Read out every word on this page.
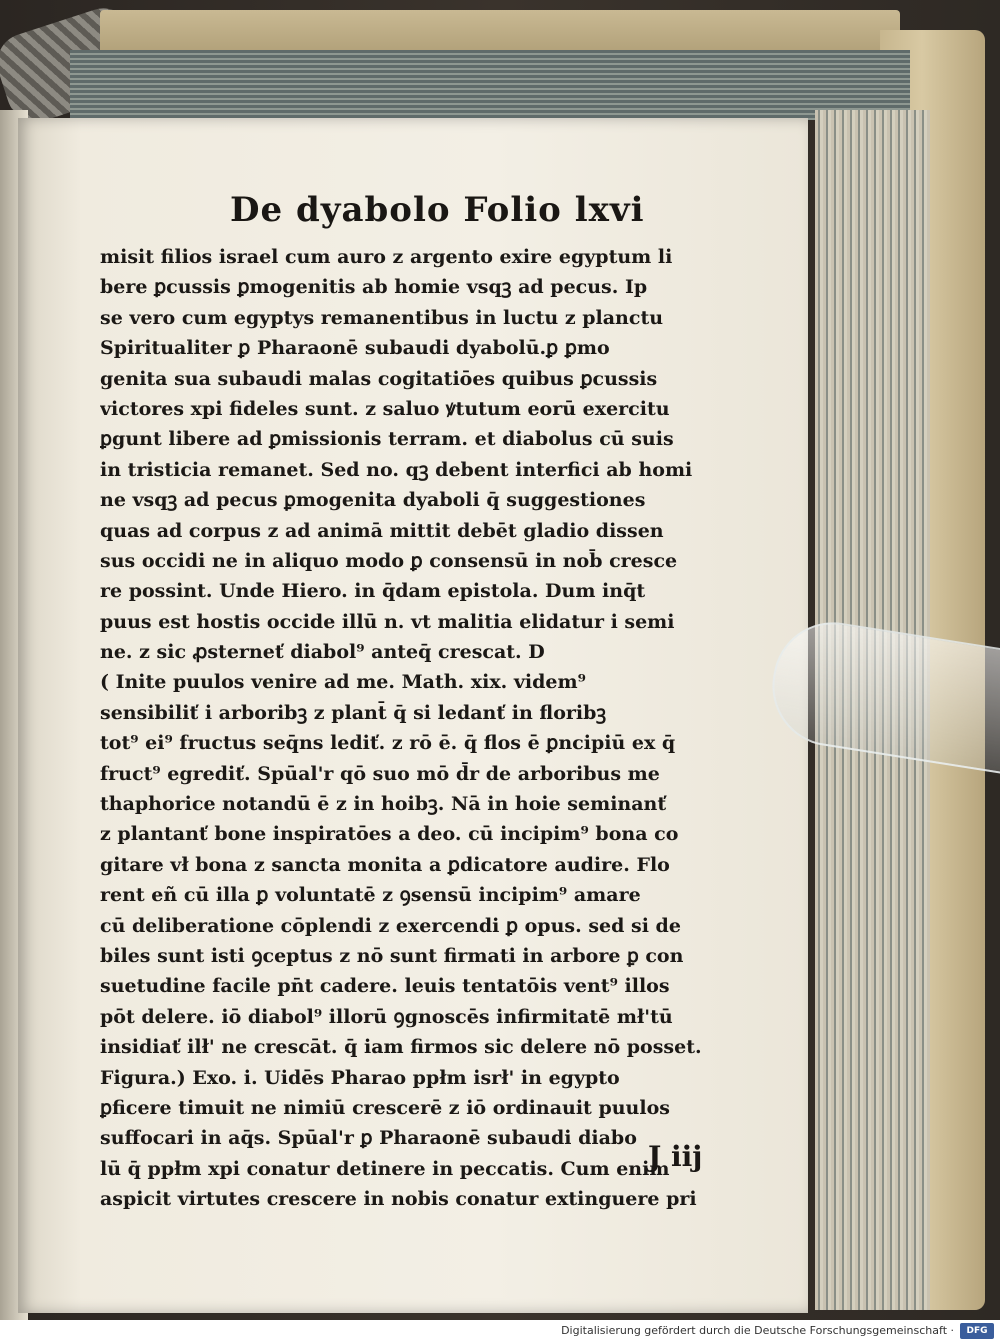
De dyabolo Folio lxvi
misit filios israel cum auro z argento exire egyptum li
bere ꝑcussis ꝑmogenitis ab homie vsqꝫ ad pecus. Ip
se vero cum egyptys remanentibus in luctu z planctu
Spiritualiter ꝑ Pharaonē subaudi dyabolū.ꝑ ꝑmo
genita sua subaudi malas cogitatiōes quibus ꝑcussis
victores xpi fideles sunt. z saluo ꝟtutum eorū exercitu
ꝑgunt libere ad ꝑmissionis terram. et diabolus cū suis
in tristicia remanet. Sed no. qꝫ debent interfici ab homi
ne vsqꝫ ad pecus ꝑmogenita dyaboli q̄ suggestiones
quas ad corpus z ad animā mittit debēt gladio dissen
sus occidi ne in aliquo modo ꝑ consensū in nob̄ cresce
re possint. Unde Hiero. in q̄dam epistola. Dum inq̄t
puus est hostis occide illū n. vt malitia elidatur i semi
ne. z sic ꝓsterneť diabol⁹ anteq̄ crescat. D
( Inite puulos venire ad me. Math. xix. videm⁹
sensibiliť i arboribꝫ z plant̄ q̄ si ledanť in floribꝫ
tot⁹ ei⁹ fructus seq̄ns lediť. z rō ē. q̄ flos ē ꝑncipiū ex q̄
fruct⁹ egrediť. Spūal'r qō suo mō d̄r de arboribus me
thaphorice notandū ē z in hoibꝫ. Nā in hoie seminanť
z plantanť bone inspiratōes a deo. cū incipim⁹ bona co
gitare vł bona z sancta monita a ꝑdicatore audire. Flo
rent eñ cū illa ꝑ voluntatē z ꝯsensū incipim⁹ amare
cū deliberatione cōplendi z exercendi ꝑ opus. sed si de
biles sunt isti ꝯceptus z nō sunt firmati in arbore ꝑ con
suetudine facile pn̄t cadere. leuis tentatōis vent⁹ illos
pōt delere. iō diabol⁹ illorū ꝯgnoscēs infirmitatē mł'tū
insidiať ilł' ne crescāt. q̄ iam firmos sic delere nō posset.
Figura.) Exo. i. Uidēs Pharao ppłm isrł' in egypto
ꝑficere timuit ne nimiū crescerē z iō ordinauit puulos
suffocari in aq̄s. Spūal'r ꝑ Pharaonē subaudi diabo
lū q̄ ppłm xpi conatur detinere in peccatis. Cum enim
aspicit virtutes crescere in nobis conatur extinguere pri
J iij
Digitalisierung gefördert durch die Deutsche Forschungsgemeinschaft ·	DFG
